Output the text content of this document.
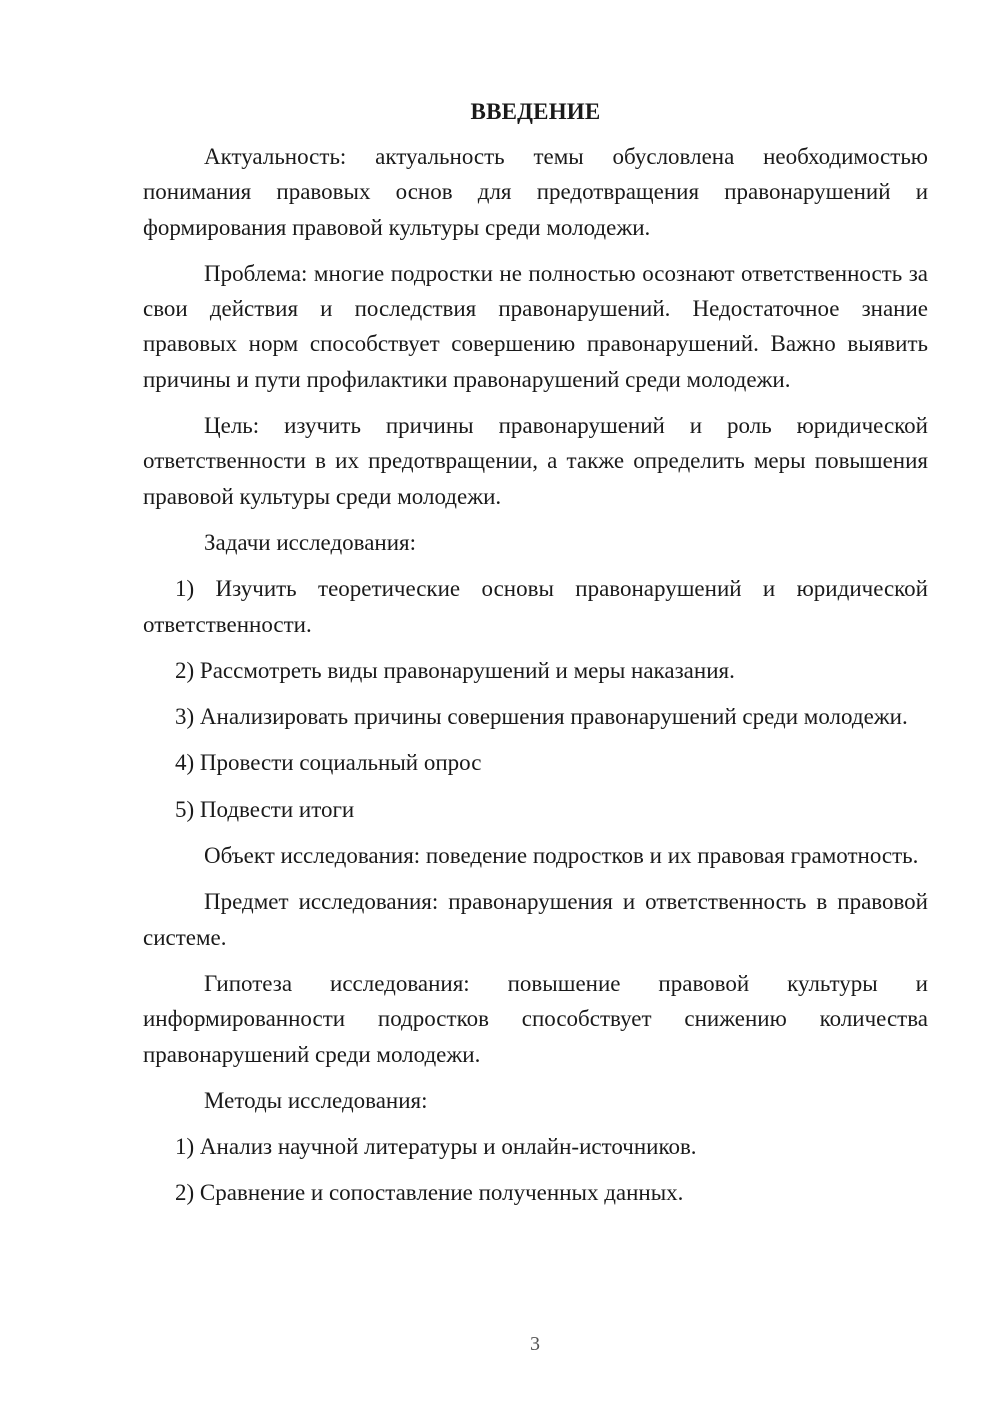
ВВЕДЕНИЕ

Актуальность: актуальность темы обусловлена необходимостью понимания правовых основ для предотвращения правонарушений и формирования правовой культуры среди молодежи.

Проблема: многие подростки не полностью осознают ответственность за свои действия и последствия правонарушений. Недостаточное знание правовых норм способствует совершению правонарушений. Важно выявить причины и пути профилактики правонарушений среди молодежи.

Цель: изучить причины правонарушений и роль юридической ответственности в их предотвращении, а также определить меры повышения правовой культуры среди молодежи.

Задачи исследования:

1) Изучить теоретические основы правонарушений и юридической ответственности.

2) Рассмотреть виды правонарушений и меры наказания.

3) Анализировать причины совершения правонарушений среди молодежи.

4) Провести социальный опрос

5) Подвести итоги

Объект исследования: поведение подростков и их правовая грамотность.

Предмет исследования: правонарушения и ответственность в правовой системе.

Гипотеза исследования: повышение правовой культуры и информированности подростков способствует снижению количества правонарушений среди молодежи.

Методы исследования:

1) Анализ научной литературы и онлайн-источников.

2) Сравнение и сопоставление полученных данных.

3
